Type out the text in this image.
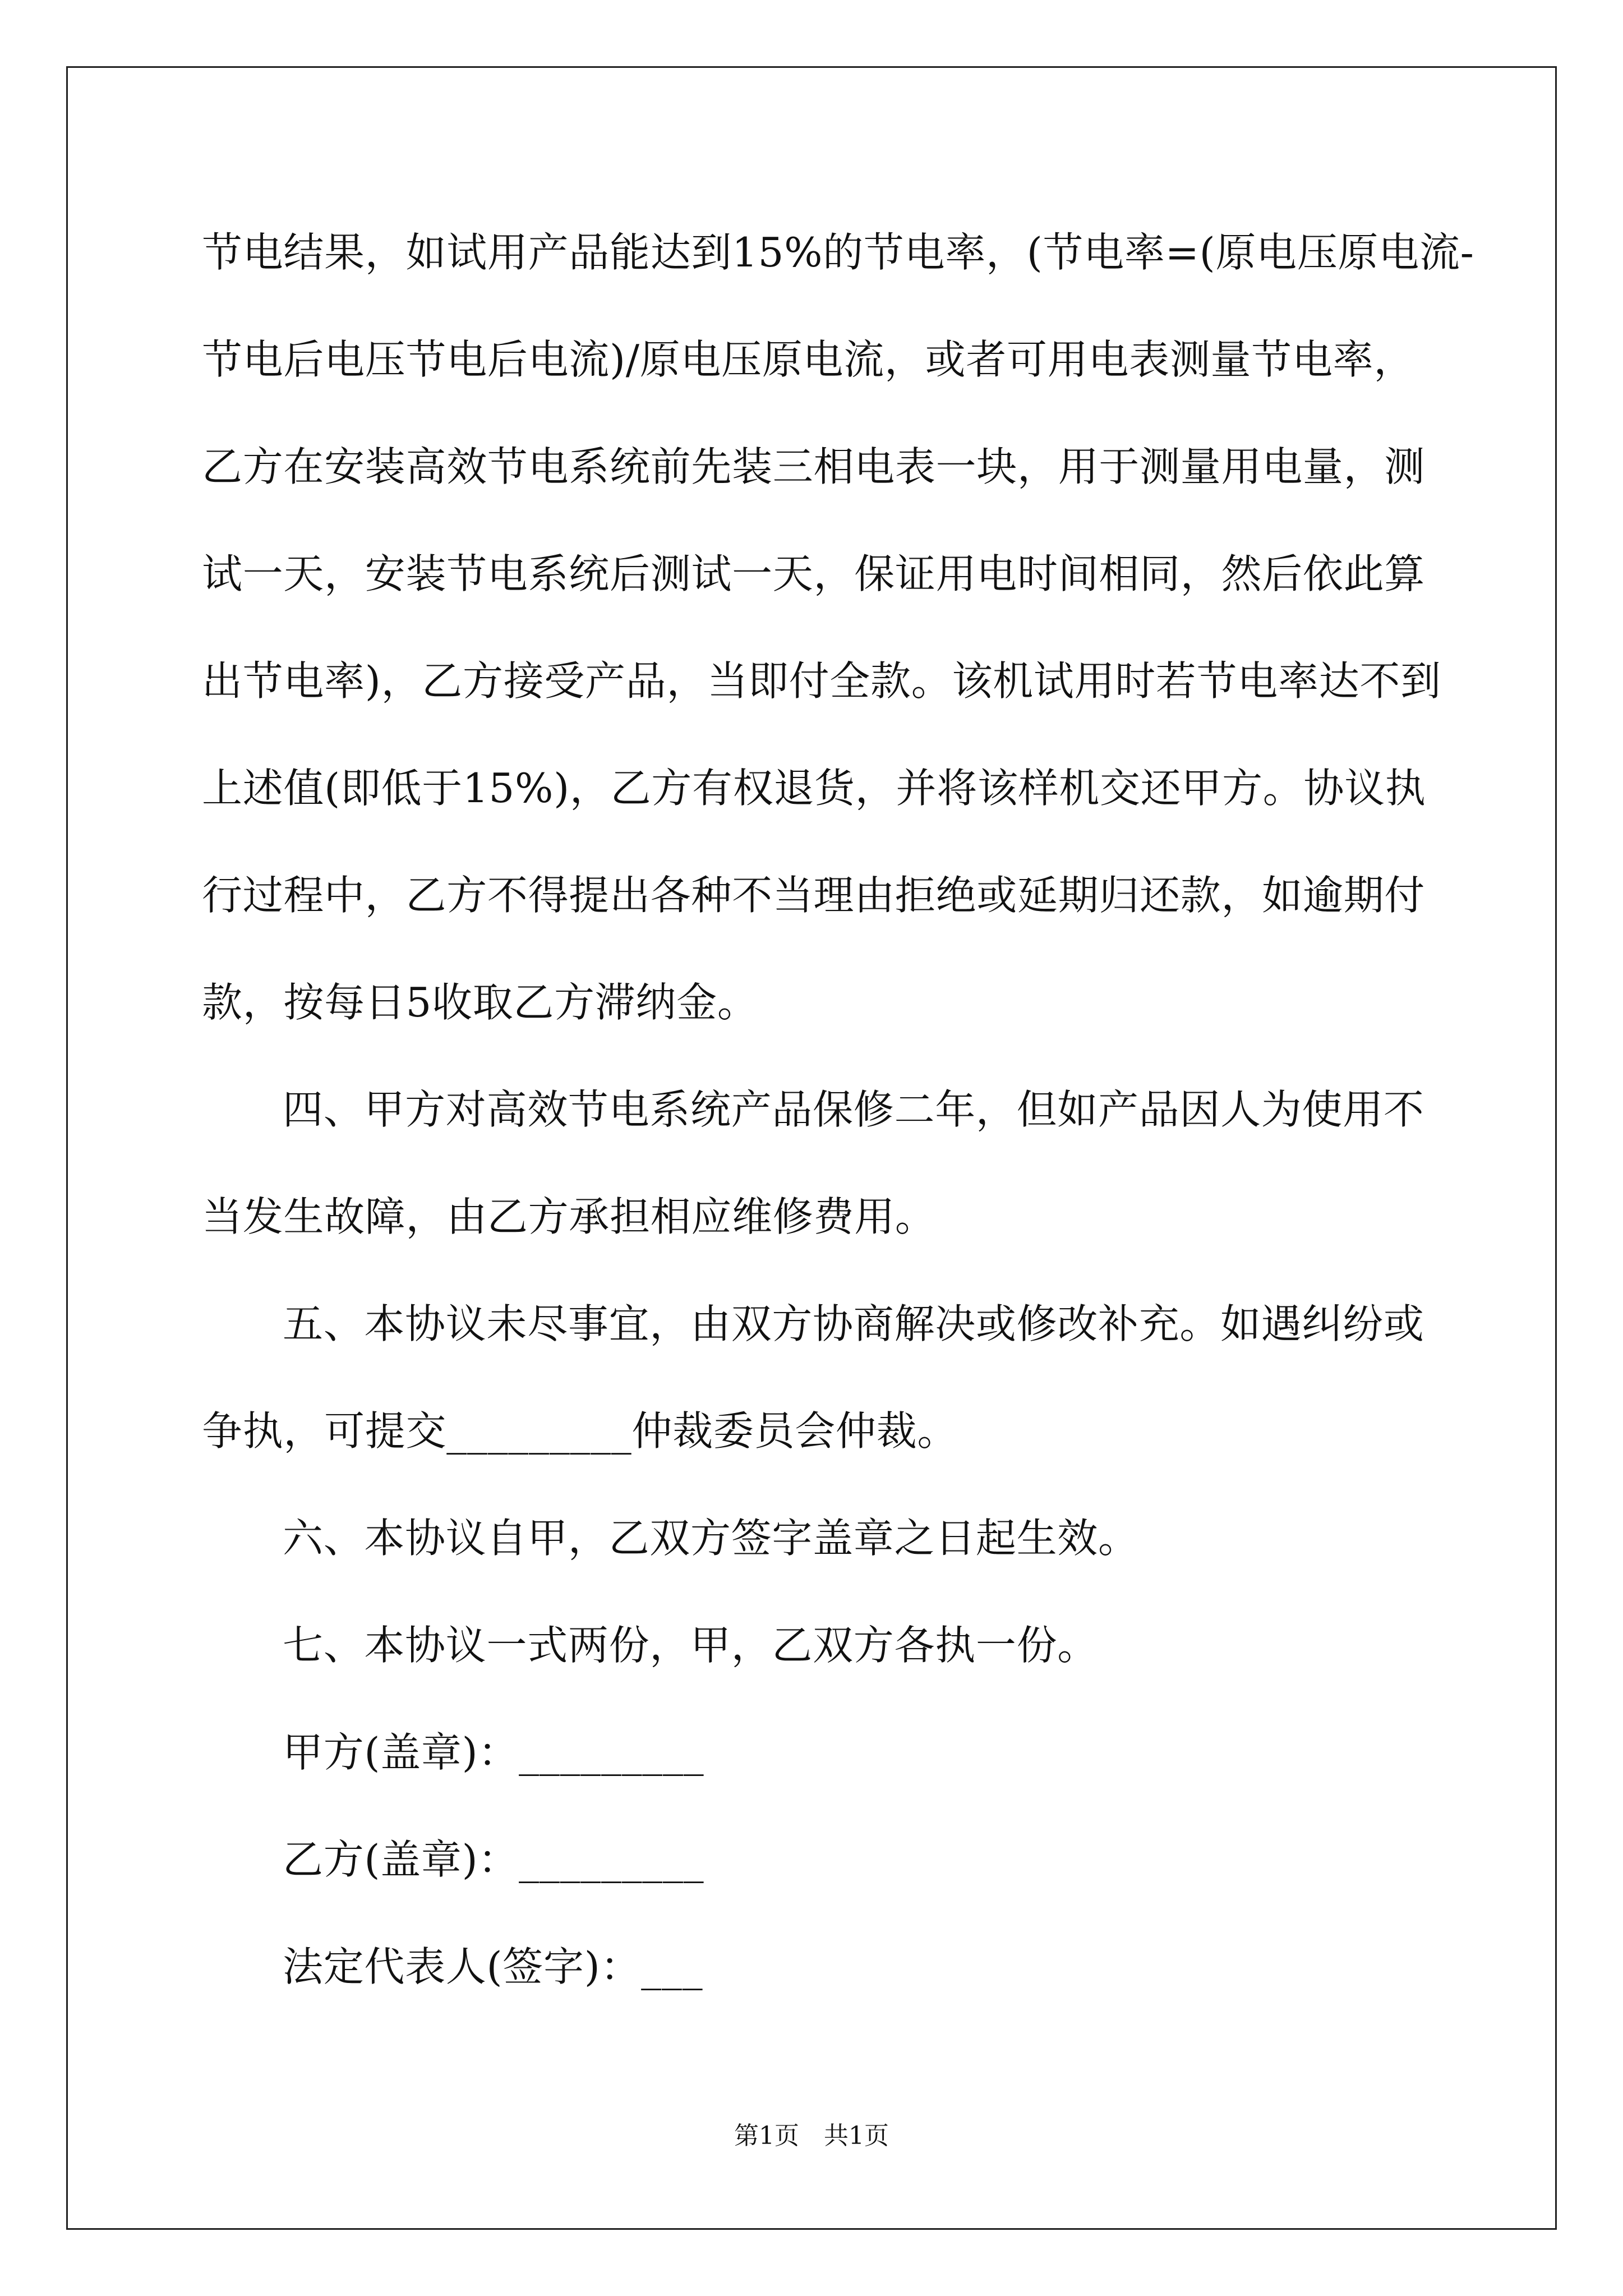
节电结果，如试用产品能达到15%的节电率，(节电率=(原电压原电流-
节电后电压节电后电流)/原电压原电流，或者可用电表测量节电率，
乙方在安装高效节电系统前先装三相电表一块，用于测量用电量，测
试一天，安装节电系统后测试一天，保证用电时间相同，然后依此算
出节电率)，乙方接受产品，当即付全款。该机试用时若节电率达不到
上述值(即低于15%)，乙方有权退货，并将该样机交还甲方。协议执
行过程中，乙方不得提出各种不当理由拒绝或延期归还款，如逾期付
款，按每日5收取乙方滞纳金。
四、甲方对高效节电系统产品保修二年，但如产品因人为使用不
当发生故障，由乙方承担相应维修费用。
五、本协议未尽事宜，由双方协商解决或修改补充。如遇纠纷或
争执，可提交_________仲裁委员会仲裁。
六、本协议自甲，乙双方签字盖章之日起生效。
七、本协议一式两份，甲，乙双方各执一份。
甲方(盖章)：_________
乙方(盖章)：_________
法定代表人(签字)：___
第1页　共1页
